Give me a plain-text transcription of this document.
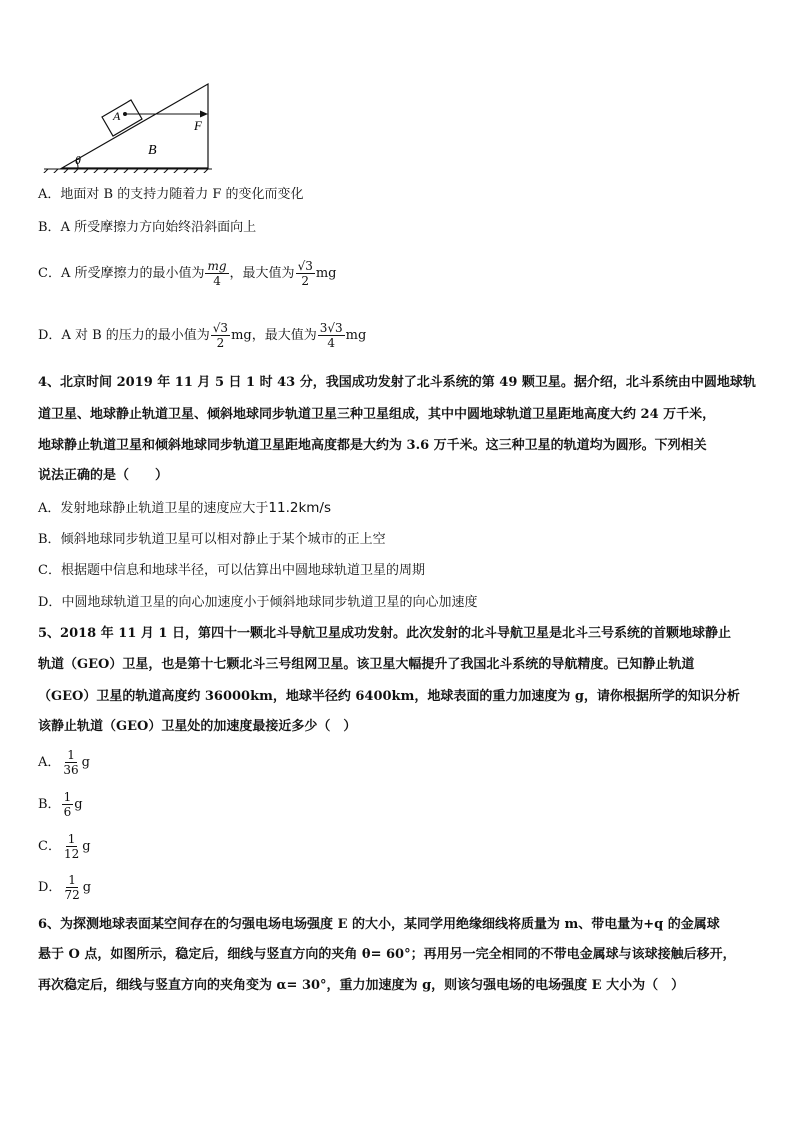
A
F
B
θ
A．地面对 B 的支持力随着力 F 的变化而变化
B．A 所受摩擦力方向始终沿斜面向上
C．A 所受摩擦力的最小值为 $\frac{mg}{4}$ ，最大值为 $\frac{√3}{2}$ mg
D．A 对 B 的压力的最小值为 $\frac{√3}{2}$ mg，最大值为 $\frac{3√3}{4}$ mg
4、北京时间 2019 年 11 月 5 日 1 时 43 分，我国成功发射了北斗系统的第 49 颗卫星。据介绍，北斗系统由中圆地球轨
道卫星、地球静止轨道卫星、倾斜地球同步轨道卫星三种卫星组成，其中中圆地球轨道卫星距地高度大约 24 万千米，
地球静止轨道卫星和倾斜地球同步轨道卫星距地高度都是大约为 3.6 万千米。这三种卫星的轨道均为圆形。下列相关
说法正确的是（　　）
A．发射地球静止轨道卫星的速度应大于11.2km/s
B．倾斜地球同步轨道卫星可以相对静止于某个城市的正上空
C．根据题中信息和地球半径，可以估算出中圆地球轨道卫星的周期
D．中圆地球轨道卫星的向心加速度小于倾斜地球同步轨道卫星的向心加速度
5、2018 年 11 月 1 日，第四十一颗北斗导航卫星成功发射。此次发射的北斗导航卫星是北斗三号系统的首颗地球静止
轨道（GEO）卫星，也是第十七颗北斗三号组网卫星。该卫星大幅提升了我国北斗系统的导航精度。已知静止轨道
（GEO）卫星的轨道高度约 36000km，地球半径约 6400km，地球表面的重力加速度为 g，请你根据所学的知识分析
该静止轨道（GEO）卫星处的加速度最接近多少（　）
A． $\frac{1}{36}$ g
B． $\frac{1}{6}$ g
C． $\frac{1}{12}$ g
D． $\frac{1}{72}$ g
6、为探测地球表面某空间存在的匀强电场电场强度 E 的大小，某同学用绝缘细线将质量为 m、带电量为+q 的金属球
悬于 O 点，如图所示，稳定后，细线与竖直方向的夹角 θ= 60°；再用另一完全相同的不带电金属球与该球接触后移开，
再次稳定后，细线与竖直方向的夹角变为 α= 30°，重力加速度为 g，则该匀强电场的电场强度 E 大小为（　）
